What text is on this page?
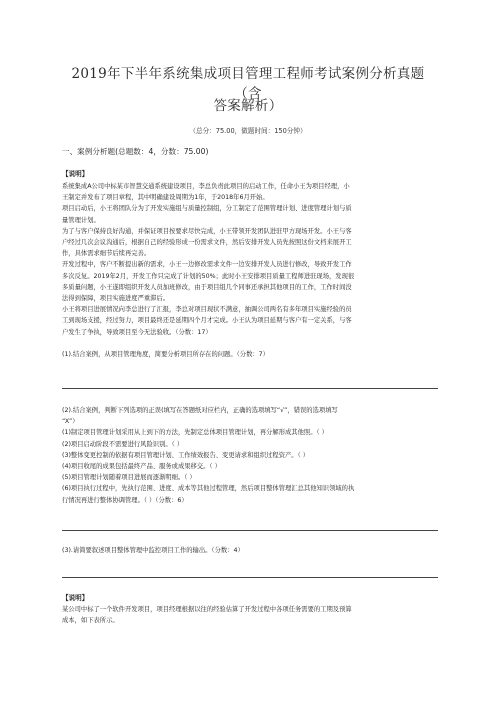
2019年下半年系统集成项目管理工程师考试案例分析真题（含
答案解析）
（总分：75.00，做题时间：150分钟）
一、案例分析题(总题数：4，分数：75.00)
【说明】
系统集成A公司中标某市智慧交通系统建设项目，李总负责此项目的启动工作，任命小王为项目经理，小
王制定并发布了项目章程，其中明确建设周期为1年，于2018年6月开始。
项目启动后，小王将团队分为了开发实施组与质量控制组，分工制定了范围管理计划、进度管理计划与质
量管理计划。
为了与客户保持良好沟通，并保证项目按要求尽快完成，小王带领开发团队进驻甲方现场开发。小王与客
户经过几次会议沟通后，根据自己的经验形成一份需求文件，然后安排开发人员先按照这份文档来展开工
作，具体需求细节后续再完善。
开发过程中，客户不断提出新的需求，小王一边修改需求文件一边安排开发人员进行修改，导致开发工作
多次反复。2019年2月，开发工作只完成了计划的50%；此时小王安排项目质量工程师进驻现场，发现很
多质量问题，小王遂即组织开发人员加班修改，由于项目组几个同事还承担其他项目的工作，工作时间没
法得到保障，项目实施进度严重滞后。
小王将项目进展情况向李总进行了汇报，李总对项目现状不满意，抽调公司两名有多年项目实施经验的员
工到现场支援，经过努力，项目最终还是延期四个月才完成。小王认为项目延期与客户有一定关系，与客
户发生了争执，导致项目至今无法验收。（分数：17）
(1).结合案例，从项目管理角度，简要分析项目所存在的问题。（分数：7）
(2).结合案例，判断下列选项的正误(填写在答题纸对应栏内，正确的选项填写“√”，错误的选项填写
“X”）
(1)制定项目管理计划采用从上到下的方法，先制定总体项目管理计划，再分解形成其他照。（ ）
(2)项目启动阶段不需要进行风险识别。（ ）
(3)整体变更控制的依据有项目管理计划、工作绩效报告、变更请求和组织过程资产。（ ）
(4)项目收尾的成果包括最终产品、服务或成果移交。（ ）
(5)项目管理计划随着项目进展而逐渐明细。（ ）
(6)项目执行过程中，先执行范围、进度、成本等其他过程管理，然后项目整体管理汇总其他知识领域的执
行情况再进行整体协调管理。（ ）（分数：6）
(3).请简要叙述项目整体管理中监控项目工作的输出。（分数：4）
【说明】
某公司中标了一个软件开发项目，项目经理根据以往的经验估算了开发过程中各项任务需要的工期及预算
成本，如下表所示。
